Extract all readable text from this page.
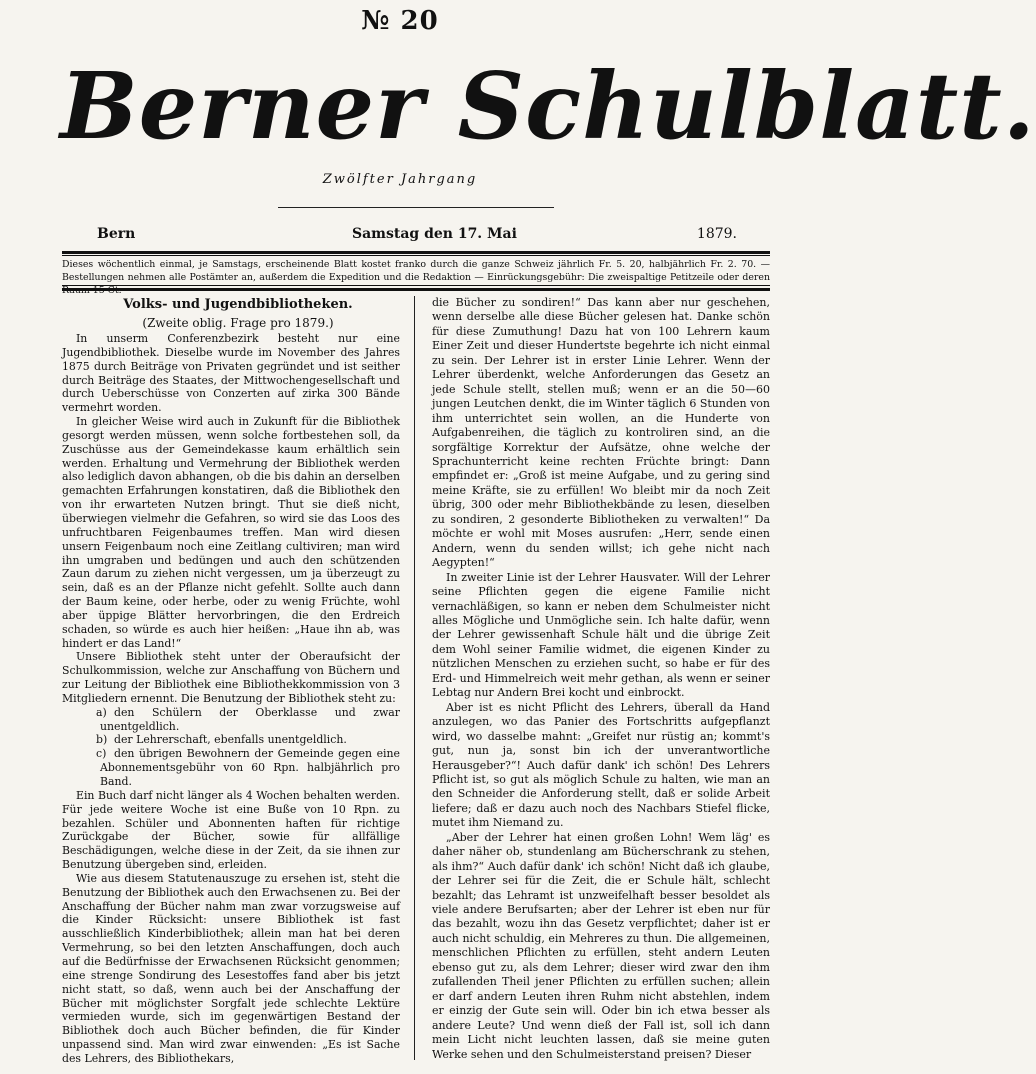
№ 20
Berner Schulblatt.
Zwölfter Jahrgang
Bern	Samstag den 17. Mai	1879.
Dieses wöchentlich einmal, je Samstags, erscheinende Blatt kostet franko durch die ganze Schweiz jährlich Fr. 5. 20, halbjährlich Fr. 2. 70. — Bestellungen nehmen alle Postämter an, außerdem die Expedition und die Redaktion — Einrückungsgebühr: Die zweispaltige Petitzeile oder deren Raum 15 Ct.

Volks- und Jugendbibliotheken.

(Zweite oblig. Frage pro 1879.)

In unserm Conferenzbezirk besteht nur eine Jugendbibliothek. Dieselbe wurde im November des Jahres 1875 durch Beiträge von Privaten gegründet und ist seither durch Beiträge des Staates, der Mittwochengesellschaft und durch Ueberschüsse von Conzerten auf zirka 300 Bände vermehrt worden.

In gleicher Weise wird auch in Zukunft für die Bibliothek gesorgt werden müssen, wenn solche fortbestehen soll, da Zuschüsse aus der Gemeindekasse kaum erhältlich sein werden. Erhaltung und Vermehrung der Bibliothek werden also lediglich davon abhangen, ob die bis dahin an derselben gemachten Erfahrungen konstatiren, daß die Bibliothek den von ihr erwarteten Nutzen bringt. Thut sie dieß nicht, überwiegen vielmehr die Gefahren, so wird sie das Loos des unfruchtbaren Feigenbaumes treffen. Man wird diesen unsern Feigenbaum noch eine Zeitlang cultiviren; man wird ihn umgraben und bedüngen und auch den schützenden Zaun darum zu ziehen nicht vergessen, um ja überzeugt zu sein, daß es an der Pflanze nicht gefehlt. Sollte auch dann der Baum keine, oder herbe, oder zu wenig Früchte, wohl aber üppige Blätter hervorbringen, die den Erdreich schaden, so würde es auch hier heißen: „Haue ihn ab, was hindert er das Land!“

Unsere Bibliothek steht unter der Oberaufsicht der Schulkommission, welche zur Anschaffung von Büchern und zur Leitung der Bibliothek eine Bibliothekkommission von 3 Mitgliedern ernennt. Die Benutzung der Bibliothek steht zu:

a) den Schülern der Oberklasse und zwar unentgeldlich.

b) der Lehrerschaft, ebenfalls unentgeldlich.

c) den übrigen Bewohnern der Gemeinde gegen eine Abonnementsgebühr von 60 Rpn. halbjährlich pro Band.

Ein Buch darf nicht länger als 4 Wochen behalten werden. Für jede weitere Woche ist eine Buße von 10 Rpn. zu bezahlen. Schüler und Abonnenten haften für richtige Zurückgabe der Bücher, sowie für allfällige Beschädigungen, welche diese in der Zeit, da sie ihnen zur Benutzung übergeben sind, erleiden.

Wie aus diesem Statutenauszuge zu ersehen ist, steht die Benutzung der Bibliothek auch den Erwachsenen zu. Bei der Anschaffung der Bücher nahm man zwar vorzugsweise auf die Kinder Rücksicht: unsere Bibliothek ist fast ausschließlich Kinderbibliothek; allein man hat bei deren Vermehrung, so bei den letzten Anschaffungen, doch auch auf die Bedürfnisse der Erwachsenen Rücksicht genommen; eine strenge Sondirung des Lesestoffes fand aber bis jetzt nicht statt, so daß, wenn auch bei der Anschaffung der Bücher mit möglichster Sorgfalt jede schlechte Lektüre vermieden wurde, sich im gegenwärtigen Bestand der Bibliothek doch auch Bücher befinden, die für Kinder unpassend sind. Man wird zwar einwenden: „Es ist Sache des Lehrers, des Bibliothekars,

die Bücher zu sondiren!“ Das kann aber nur geschehen, wenn derselbe alle diese Bücher gelesen hat. Danke schön für diese Zumuthung! Dazu hat von 100 Lehrern kaum Einer Zeit und dieser Hundertste begehrte ich nicht einmal zu sein. Der Lehrer ist in erster Linie Lehrer. Wenn der Lehrer überdenkt, welche Anforderungen das Gesetz an jede Schule stellt, stellen muß; wenn er an die 50—60 jungen Leutchen denkt, die im Winter täglich 6 Stunden von ihm unterrichtet sein wollen, an die Hunderte von Aufgabenreihen, die täglich zu kontroliren sind, an die sorgfältige Korrektur der Aufsätze, ohne welche der Sprachunterricht keine rechten Früchte bringt: Dann empfindet er: „Groß ist meine Aufgabe, und zu gering sind meine Kräfte, sie zu erfüllen! Wo bleibt mir da noch Zeit übrig, 300 oder mehr Bibliothekbände zu lesen, dieselben zu sondiren, 2 gesonderte Bibliotheken zu verwalten!“ Da möchte er wohl mit Moses ausrufen: „Herr, sende einen Andern, wenn du senden willst; ich gehe nicht nach Aegypten!“

In zweiter Linie ist der Lehrer Hausvater. Will der Lehrer seine Pflichten gegen die eigene Familie nicht vernachläßigen, so kann er neben dem Schulmeister nicht alles Mögliche und Unmögliche sein. Ich halte dafür, wenn der Lehrer gewissenhaft Schule hält und die übrige Zeit dem Wohl seiner Familie widmet, die eigenen Kinder zu nützlichen Menschen zu erziehen sucht, so habe er für des Erd- und Himmelreich weit mehr gethan, als wenn er seiner Lebtag nur Andern Brei kocht und einbrockt.

Aber ist es nicht Pflicht des Lehrers, überall da Hand anzulegen, wo das Panier des Fortschritts aufgepflanzt wird, wo dasselbe mahnt: „Greifet nur rüstig an; kommt's gut, nun ja, sonst bin ich der unverantwortliche Herausgeber?“! Auch dafür dank' ich schön! Des Lehrers Pflicht ist, so gut als möglich Schule zu halten, wie man an den Schneider die Anforderung stellt, daß er solide Arbeit liefere; daß er dazu auch noch des Nachbars Stiefel flicke, mutet ihm Niemand zu.

„Aber der Lehrer hat einen großen Lohn! Wem läg' es daher näher ob, stundenlang am Bücherschrank zu stehen, als ihm?“ Auch dafür dank' ich schön! Nicht daß ich glaube, der Lehrer sei für die Zeit, die er Schule hält, schlecht bezahlt; das Lehramt ist unzweifelhaft besser besoldet als viele andere Berufsarten; aber der Lehrer ist eben nur für das bezahlt, wozu ihn das Gesetz verpflichtet; daher ist er auch nicht schuldig, ein Mehreres zu thun. Die allgemeinen, menschlichen Pflichten zu erfüllen, steht andern Leuten ebenso gut zu, als dem Lehrer; dieser wird zwar den ihm zufallenden Theil jener Pflichten zu erfüllen suchen; allein er darf andern Leuten ihren Ruhm nicht abstehlen, indem er einzig der Gute sein will. Oder bin ich etwa besser als andere Leute? Und wenn dieß der Fall ist, soll ich dann mein Licht nicht leuchten lassen, daß sie meine guten Werke sehen und den Schulmeisterstand preisen? Dieser
